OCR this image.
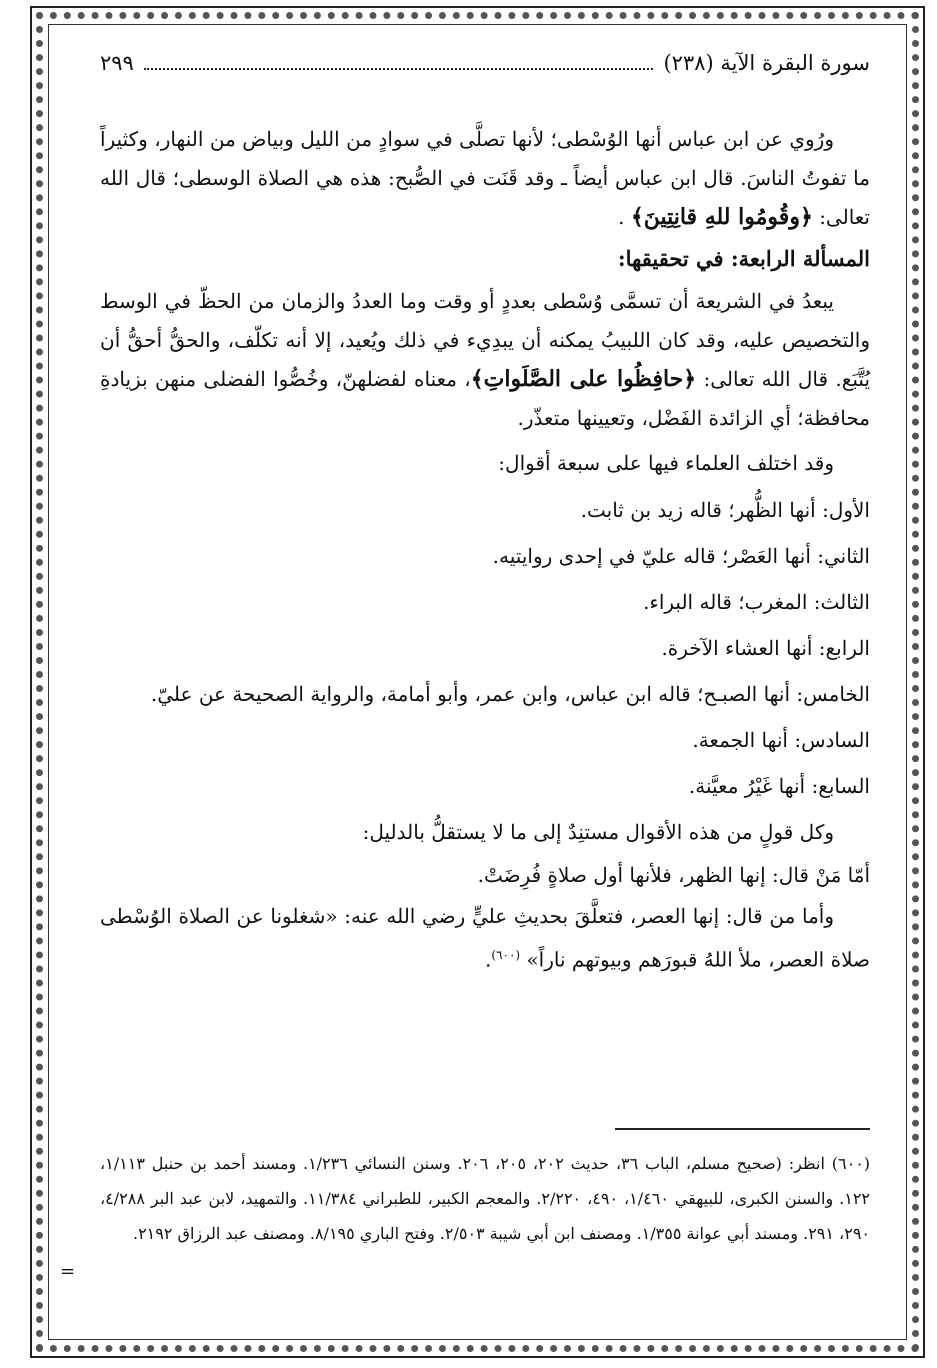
سورة البقرة الآية (٢٣٨)
٢٩٩

ورُوي عن ابن عباس أنها الوُسْطى؛ لأنها تصلَّى في سوادٍ من الليل وبياض من النهار، وكثيراً ما تفوتُ الناسَ. قال ابن عباس أيضاً ـ وقد قَنَت في الصُّبح: هذه هي الصلاة الوسطى؛ قال الله تعالى: ﴿وقُومُوا للهِ قانِتِينَ﴾ .

المسألة الرابعة: في تحقيقها:

يبعدُ في الشريعة أن تسمَّى وُسْطى بعددٍ أو وقت وما العددُ والزمان من الحظّ في الوسط والتخصيص عليه، وقد كان اللبيبُ يمكنه أن يبدِيء في ذلك ويُعيد، إلا أنه تكلّف، والحقُّ أحقُّ أن يُتَّبَع. قال الله تعالى: ﴿حافِظُوا على الصَّلَواتِ﴾، معناه لفضلهنّ، وخُصُّوا الفضلى منهن بزيادةِ محافظة؛ أي الزائدة الفَضْل، وتعيينها متعذّر.

وقد اختلف العلماء فيها على سبعة أقوال:

الأول: أنها الظُّهر؛ قاله زيد بن ثابت.
الثاني: أنها العَصْر؛ قاله عليّ في إحدى روايتيه.
الثالث: المغرب؛ قاله البراء.
الرابع: أنها العشاء الآخرة.
الخامس: أنها الصبـح؛ قاله ابن عباس، وابن عمر، وأبو أمامة، والرواية الصحيحة عن عليّ.
السادس: أنها الجمعة.
السابع: أنها غَيْرُ معيَّنة.

وكل قولٍ من هذه الأقوال مستنِدٌ إلى ما لا يستقلُّ بالدليل:

أمّا مَنْ قال: إنها الظهر، فلأنها أول صلاةٍ فُرِضَتْ.

وأما من قال: إنها العصر، فتعلَّقَ بحديثِ عليٍّ رضي الله عنه: «شغلونا عن الصلاة الوُسْطى صلاة العصر، ملأ اللهُ قبورَهم وبيوتهم ناراً» $^{(٦٠٠)}$.

=
(٦٠٠) انظر: (صحيح مسلم، الباب ٣٦، حديث ٢٠٢، ٢٠٥، ٢٠٦. وسنن النسائي ١/٢٣٦. ومسند أحمد بن حنبل ١/١١٣، ١٢٢. والسنن الكبرى، للبيهقي ١/٤٦٠، ٤٩٠، ٢/٢٢٠. والمعجم الكبير، للطبراني ١١/٣٨٤. والتمهيد، لابن عبد البر ٤/٢٨٨، ٢٩٠، ٢٩١. ومسند أبي عوانة ١/٣٥٥. ومصنف ابن أبي شيبة ٢/٥٠٣. وفتح الباري ٨/١٩٥. ومصنف عبد الرزاق ٢١٩٢.
